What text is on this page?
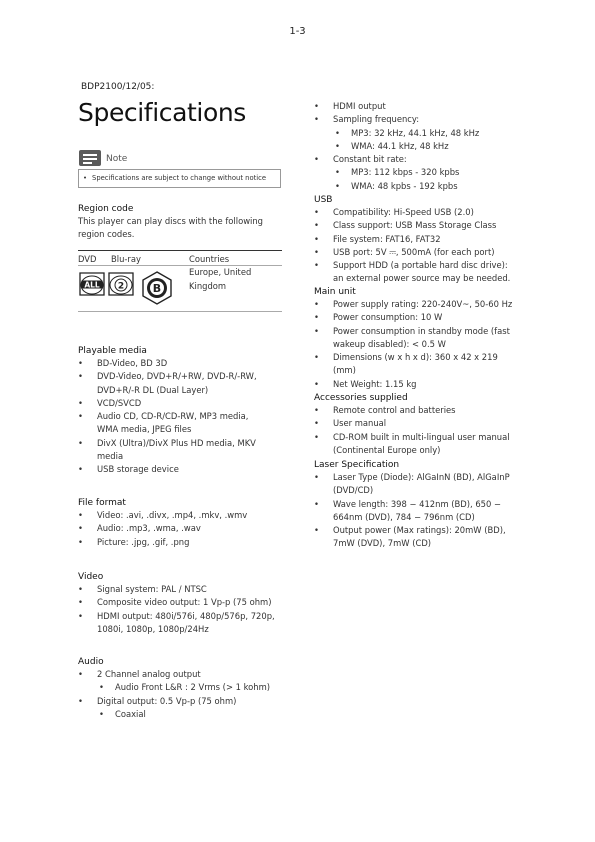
1-3
BDP2100/12/05:
Specifications
Note
• Specifications are subject to change without notice
Region code
This player can play discs with the following
region codes.
DVD Blu-ray	Countries
ALL 2	B
Europe, United
Kingdom
Playable media
• BD-Video, BD 3D
• DVD-Video, DVD+R/+RW, DVD-R/-RW,
DVD+R/-R DL (Dual Layer)
• VCD/SVCD
• Audio CD, CD-R/CD-RW, MP3 media,
WMA media, JPEG files
• DivX (Ultra)/DivX Plus HD media, MKV
media
• USB storage device
File format
• Video: .avi, .divx, .mp4, .mkv, .wmv
• Audio: .mp3, .wma, .wav
• Picture: .jpg, .gif, .png
Video
• Signal system: PAL / NTSC
• Composite video output: 1 Vp-p (75 ohm)
• HDMI output: 480i/576i, 480p/576p, 720p,
1080i, 1080p, 1080p/24Hz
Audio
• 2 Channel analog output
• Audio Front L&R : 2 Vrms (> 1 kohm)
• Digital output: 0.5 Vp-p (75 ohm)
• Coaxial
• HDMI output
• Sampling frequency:
• MP3: 32 kHz, 44.1 kHz, 48 kHz
• WMA: 44.1 kHz, 48 kHz
• Constant bit rate:
• MP3: 112 kbps - 320 kpbs
• WMA: 48 kpbs - 192 kpbs
USB
• Compatibility: Hi-Speed USB (2.0)
• Class support: USB Mass Storage Class
• File system: FAT16, FAT32
• USB port: 5V ⎓, 500mA (for each port)
• Support HDD (a portable hard disc drive):
an external power source may be needed.
Main unit
• Power supply rating: 220-240V~, 50-60 Hz
• Power consumption: 10 W
• Power consumption in standby mode (fast
wakeup disabled): < 0.5 W
• Dimensions (w x h x d): 360 x 42 x 219
(mm)
• Net Weight: 1.15 kg
Accessories supplied
• Remote control and batteries
• User manual
• CD-ROM built in multi-lingual user manual
(Continental Europe only)
Laser Specification
• Laser Type (Diode): AlGaInN (BD), AlGaInP
(DVD/CD)
• Wave length: 398 − 412nm (BD), 650 −
664nm (DVD), 784 − 796nm (CD)
• Output power (Max ratings): 20mW (BD),
7mW (DVD), 7mW (CD)
